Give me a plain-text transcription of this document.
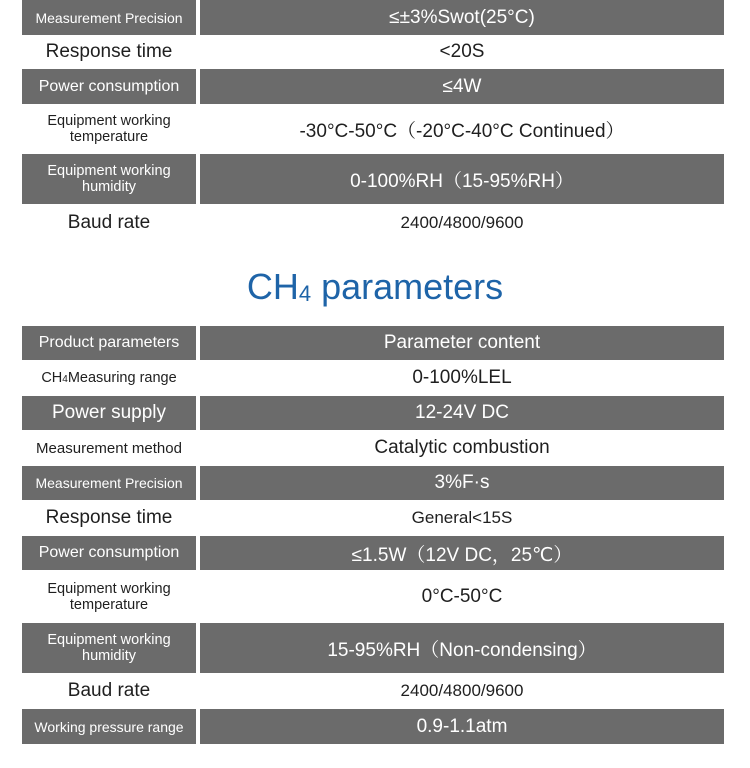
Measurement Precision	≤±3%Swot(25°C)
Response time	<20S
Power consumption	≤4W
Equipment working temperature	-30°C-50°C（-20°C-40°C Continued）
Equipment working humidity	0-100%RH（15-95%RH）
Baud rate	2400/4800/9600
CH4 parameters
Product parameters	Parameter content
CH 4 Measuring range	0-100%LEL
Power supply	12-24V DC
Measurement method	Catalytic combustion
Measurement Precision	3%F·s
Response time	General<15S
Power consumption	≤1.5W（12V DC，25℃）
Equipment working temperature	0°C-50°C
Equipment working humidity	15-95%RH（Non-condensing）
Baud rate	2400/4800/9600
Working pressure range	0.9-1.1atm
